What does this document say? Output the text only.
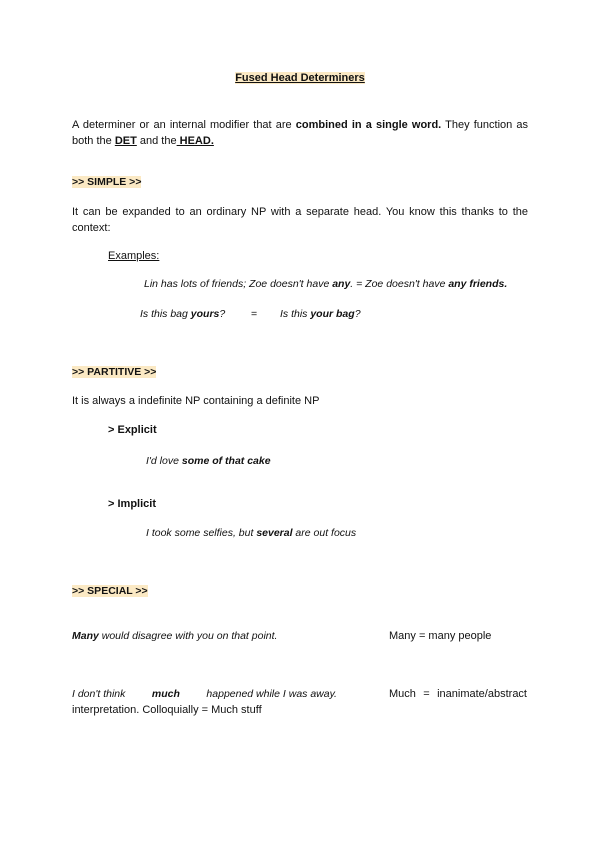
Fused Head Determiners
A determiner or an internal modifier that are combined in a single word. They function as both the DET and the HEAD.
>> SIMPLE >>
It can be expanded to an ordinary NP with a separate head. You know this thanks to the context:
Examples:
Lin has lots of friends; Zoe doesn't have any. = Zoe doesn't have any friends.
Is this bag yours? = Is this your bag?
>> PARTITIVE >>
It is always a indefinite NP containing a definite NP
> Explicit
I'd love some of that cake
> Implicit
I took some selfies, but several are out focus
>> SPECIAL >>
Many would disagree with you on that point.	Many = many people
I don't think	much	happened while I was away.	Much = inanimate/abstract
interpretation. Colloquially = Much stuff
